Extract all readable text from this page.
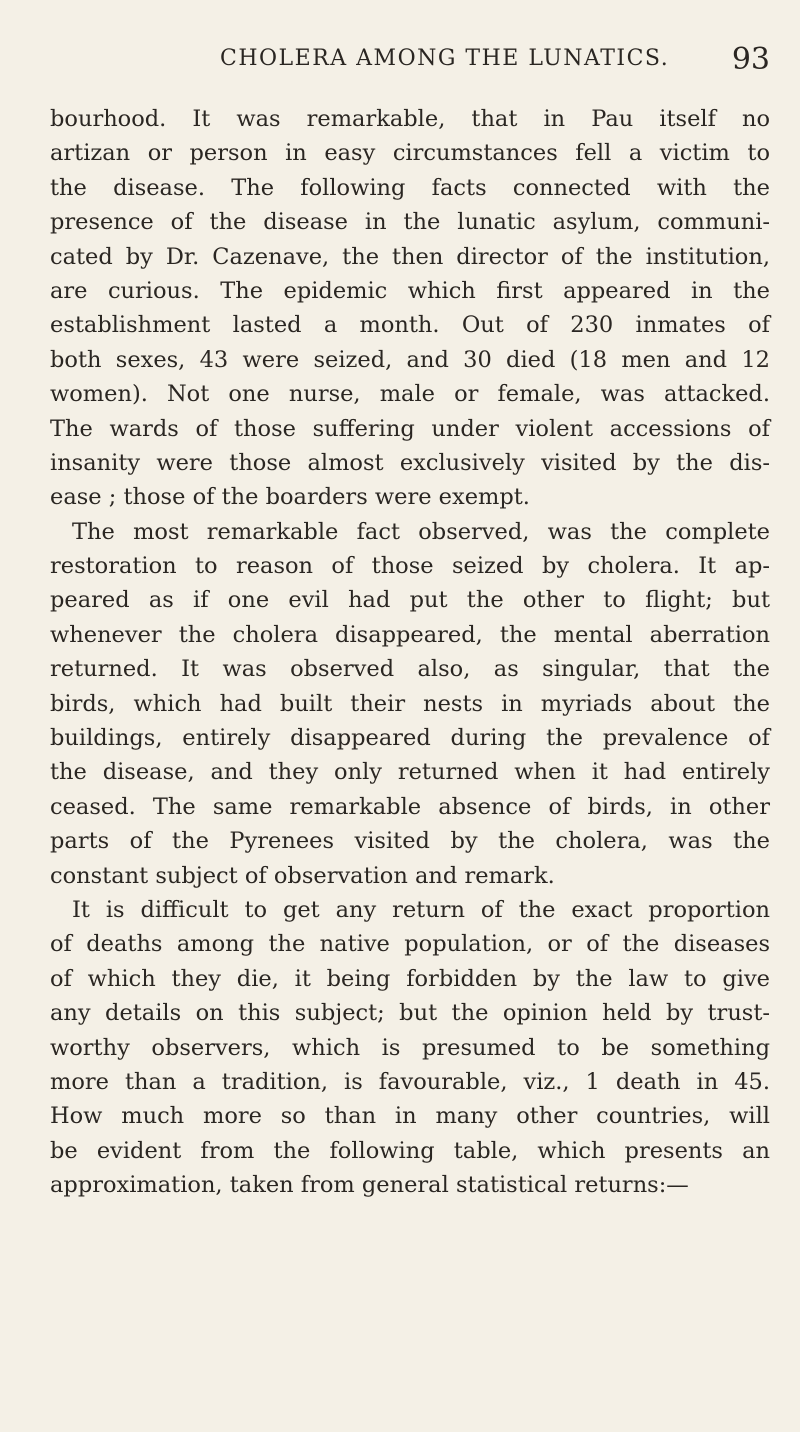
CHOLERA AMONG THE LUNATICS. 93
bourhood. It was remarkable, that in Pau itself no
artizan or person in easy circumstances fell a victim to
the disease. The following facts connected with the
presence of the disease in the lunatic asylum, communi-
cated by Dr. Cazenave, the then director of the institution,
are curious. The epidemic which first appeared in the
establishment lasted a month. Out of 230 inmates of
both sexes, 43 were seized, and 30 died (18 men and 12
women). Not one nurse, male or female, was attacked.
The wards of those suffering under violent accessions of
insanity were those almost exclusively visited by the dis-
ease ; those of the boarders were exempt.
The most remarkable fact observed, was the complete
restoration to reason of those seized by cholera. It ap-
peared as if one evil had put the other to flight; but
whenever the cholera disappeared, the mental aberration
returned. It was observed also, as singular, that the
birds, which had built their nests in myriads about the
buildings, entirely disappeared during the prevalence of
the disease, and they only returned when it had entirely
ceased. The same remarkable absence of birds, in other
parts of the Pyrenees visited by the cholera, was the
constant subject of observation and remark.
It is difficult to get any return of the exact proportion
of deaths among the native population, or of the diseases
of which they die, it being forbidden by the law to give
any details on this subject; but the opinion held by trust-
worthy observers, which is presumed to be something
more than a tradition, is favourable, viz., 1 death in 45.
How much more so than in many other countries, will
be evident from the following table, which presents an
approximation, taken from general statistical returns:—
